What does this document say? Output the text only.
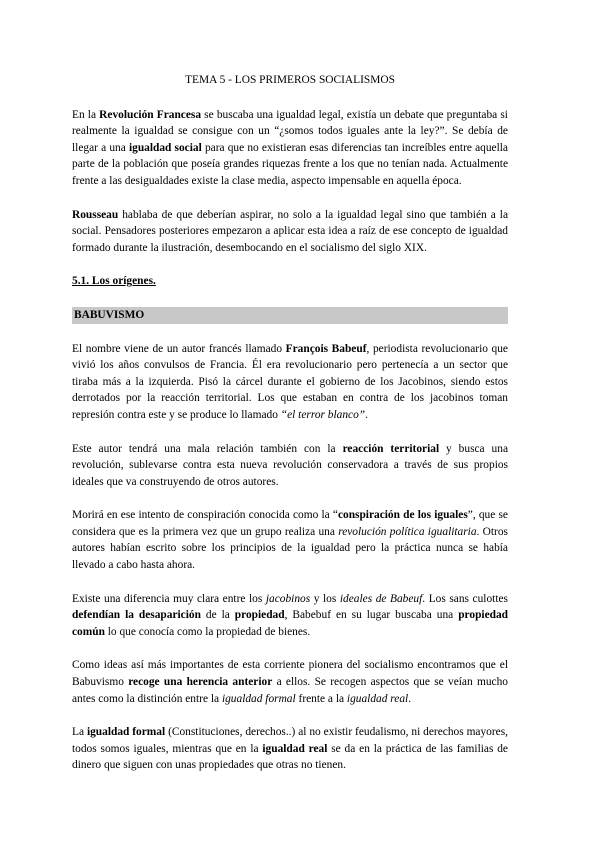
TEMA 5 - LOS PRIMEROS SOCIALISMOS

En la Revolución Francesa se buscaba una igualdad legal, existía un debate que preguntaba si realmente la igualdad se consigue con un “¿somos todos iguales ante la ley?”. Se debía de llegar a una igualdad social para que no existieran esas diferencias tan increíbles entre aquella parte de la población que poseía grandes riquezas frente a los que no tenían nada. Actualmente frente a las desigualdades existe la clase media, aspecto impensable en aquella época.

Rousseau hablaba de que deberían aspirar, no solo a la igualdad legal sino que también a la social. Pensadores posteriores empezaron a aplicar esta idea a raíz de ese concepto de igualdad formado durante la ilustración, desembocando en el socialismo del siglo XIX.

5.1. Los orígenes.
BABUVISMO

El nombre viene de un autor francés llamado François Babeuf, periodista revolucionario que vivió los años convulsos de Francia. Él era revolucionario pero pertenecía a un sector que tiraba más a la izquierda. Pisó la cárcel durante el gobierno de los Jacobinos, siendo estos derrotados por la reacción territorial. Los que estaban en contra de los jacobinos toman represión contra este y se produce lo llamado “el terror blanco”.

Este autor tendrá una mala relación también con la reacción territorial y busca una revolución, sublevarse contra esta nueva revolución conservadora a través de sus propios ideales que va construyendo de otros autores.

Morirá en ese intento de conspiración conocida como la “conspiración de los iguales”, que se considera que es la primera vez que un grupo realiza una revolución política igualitaria. Otros autores habían escrito sobre los principios de la igualdad pero la práctica nunca se había llevado a cabo hasta ahora.

Existe una diferencia muy clara entre los jacobinos y los ideales de Babeuf. Los sans culottes defendían la desaparición de la propiedad, Babebuf en su lugar buscaba una propiedad común lo que conocía como la propiedad de bienes.

Como ideas así más importantes de esta corriente pionera del socialismo encontramos que el Babuvismo recoge una herencia anterior a ellos. Se recogen aspectos que se veían mucho antes como la distinción entre la igualdad formal frente a la igualdad real.

La igualdad formal (Constituciones, derechos..) al no existir feudalismo, ni derechos mayores, todos somos iguales, mientras que en la igualdad real se da en la práctica de las familias de dinero que siguen con unas propiedades que otras no tienen.
